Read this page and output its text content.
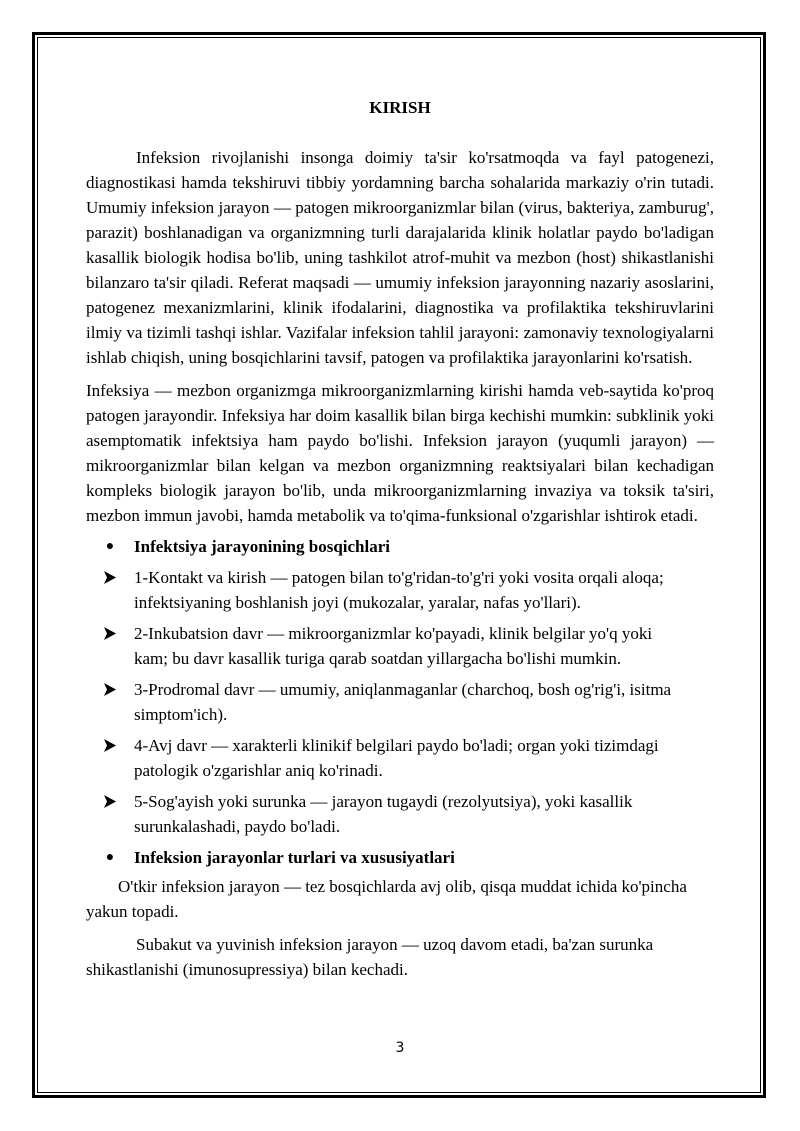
KIRISH

Infeksion rivojlanishi insonga doimiy ta'sir ko'rsatmoqda va fayl patogenezi, diagnostikasi hamda tekshiruvi tibbiy yordamning barcha sohalarida markaziy o'rin tutadi. Umumiy infeksion jarayon — patogen mikroorganizmlar bilan (virus, bakteriya, zamburug', parazit) boshlanadigan va organizmning turli darajalarida klinik holatlar paydo bo'ladigan kasallik biologik hodisa bo'lib, uning tashkilot atrof-muhit va mezbon (host) shikastlanishi bilanzaro ta'sir qiladi. Referat maqsadi — umumiy infeksion jarayonning nazariy asoslarini, patogenez mexanizmlarini, klinik ifodalarini, diagnostika va profilaktika tekshiruvlarini ilmiy va tizimli tashqi ishlar. Vazifalar infeksion tahlil jarayoni: zamonaviy texnologiyalarni ishlab chiqish, uning bosqichlarini tavsif, patogen va profilaktika jarayonlarini ko'rsatish.

Infeksiya — mezbon organizmga mikroorganizmlarning kirishi hamda veb-saytida ko'proq patogen jarayondir. Infeksiya har doim kasallik bilan birga kechishi mumkin: subklinik yoki asemptomatik infektsiya ham paydo bo'lishi. Infeksion jarayon (yuqumli jarayon) — mikroorganizmlar bilan kelgan va mezbon organizmning reaktsiyalari bilan kechadigan kompleks biologik jarayon bo'lib, unda mikroorganizmlarning invaziya va toksik ta'siri, mezbon immun javobi, hamda metabolik va to'qima-funksional o'zgarishlar ishtirok etadi.

●	Infektsiya jarayonining bosqichlari
1-Kontakt va kirish — patogen bilan to'g'ridan-to'g'ri yoki vosita orqali aloqa; infektsiyaning boshlanish joyi (mukozalar, yaralar, nafas yo'llari).
2-Inkubatsion davr — mikroorganizmlar ko'payadi, klinik belgilar yo'q yoki kam; bu davr kasallik turiga qarab soatdan yillargacha bo'lishi mumkin.
3-Prodromal davr — umumiy, aniqlanmaganlar (charchoq, bosh og'rig'i, isitma simptom'ich).
4-Avj davr — xarakterli klinikif belgilari paydo bo'ladi; organ yoki tizimdagi patologik o'zgarishlar aniq ko'rinadi.
5-Sog'ayish yoki surunka — jarayon tugaydi (rezolyutsiya), yoki kasallik surunkalashadi, paydo bo'ladi.
●	Infeksion jarayonlar turlari va xususiyatlari

O'tkir infeksion jarayon — tez bosqichlarda avj olib, qisqa muddat ichida ko'pincha yakun topadi.

Subakut va yuvinish infeksion jarayon — uzoq davom etadi, ba'zan surunka shikastlanishi (imunosupressiya) bilan kechadi.

3
